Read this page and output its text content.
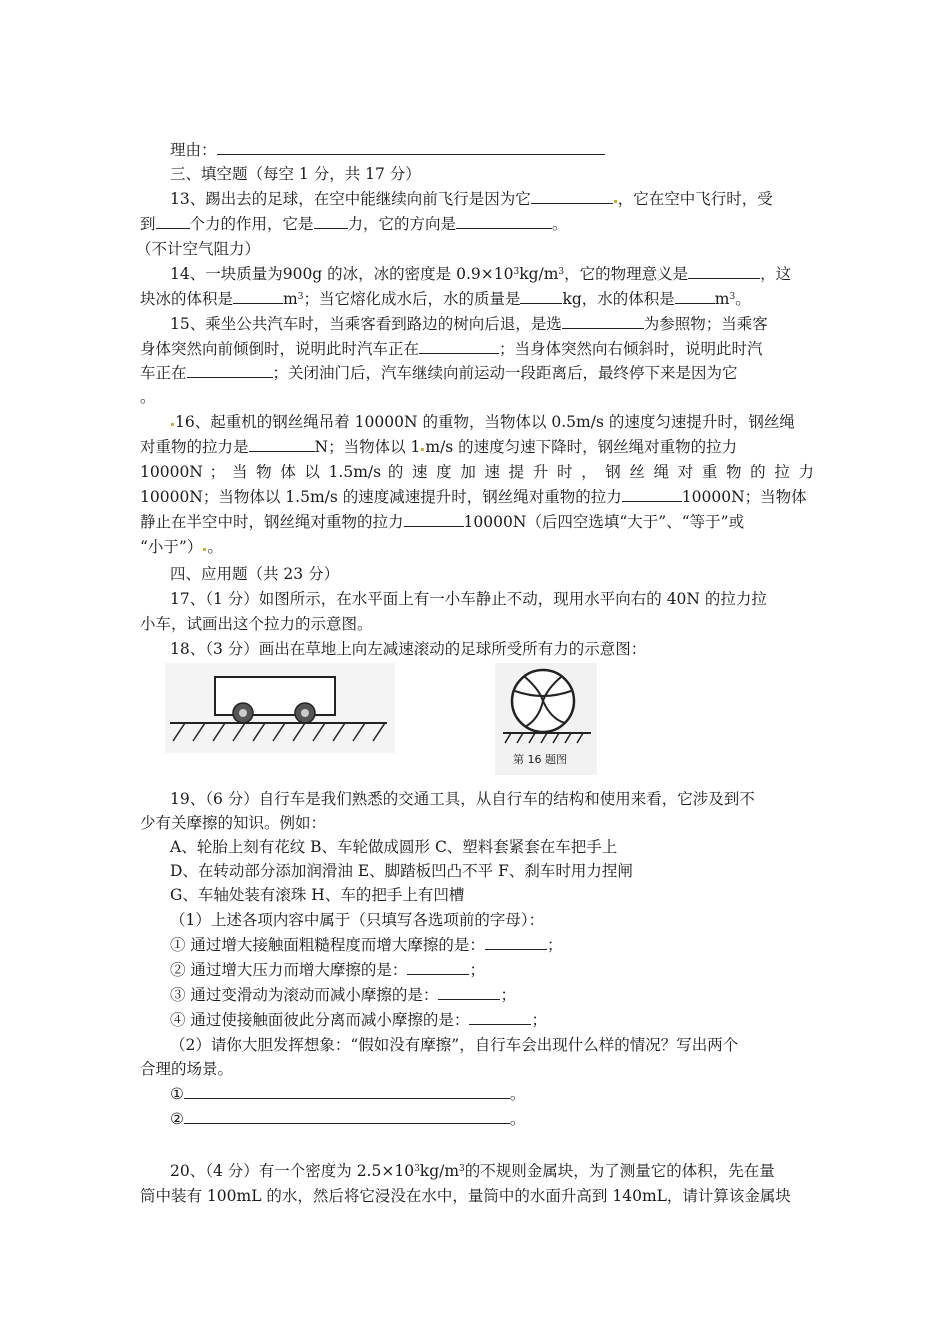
理由：
三、填空题（每空 1 分，共 17 分）
13、踢出去的足球，在空中能继续向前飞行是因为它	，它在空中飞行时，受
到 个力的作用，它是 力，它的方向是	。
（不计空气阻力）
14、一块质量为900g 的冰，冰的密度是 $0.9\times 10^3kg/m^3$，它的物理意义是	，这
块冰的体积是	$m^3$；当它熔化成水后，水的质量是	kg，水的体积是	$m^3$。
15、乘坐公共汽车时，当乘客看到路边的树向后退，是选	为参照物；当乘客
身体突然向前倾倒时，说明此时汽车正在	；当身体突然向右倾斜时，说明此时汽
车正在	；关闭油门后，汽车继续向前运动一段距离后，最终停下来是因为它
。
16、起重机的钢丝绳吊着 10000N 的重物，当物体以 0.5m/s 的速度匀速提升时，钢丝绳
对重物的拉力是	N；当物体以 1 m/s 的速度匀速下降时，钢丝绳对重物的拉力
10000N ； 当 物 体 以 1.5m/s 的 速 度 加 速 提 升 时 ， 钢 丝 绳 对 重 物 的 拉 力
10000N；当物体以 1.5m/s 的速度减速提升时，钢丝绳对重物的拉力	10000N；当物体
静止在半空中时，钢丝绳对重物的拉力	10000N（后四空选填“大于”、“等于”或
“小于”） 。
四、应用题（共 23 分）
17、（1 分）如图所示，在水平面上有一小车静止不动，现用水平向右的 40N 的拉力拉
小车，试画出这个拉力的示意图。
18、（3 分）画出在草地上向左减速滚动的足球所受所有力的示意图：
第 16 题图
19、（6 分）自行车是我们熟悉的交通工具，从自行车的结构和使用来看，它涉及到不
少有关摩擦的知识。例如：
A、轮胎上刻有花纹 B、车轮做成圆形 C、塑料套紧套在车把手上
D、在转动部分添加润滑油 E、脚踏板凹凸不平 F、刹车时用力捏闸
G、车轴处装有滚珠 H、车的把手上有凹槽
（1）上述各项内容中属于（只填写各选项前的字母）：
① 通过增大接触面粗糙程度而增大摩擦的是：	；
② 通过增大压力而增大摩擦的是：	；
③ 通过变滑动为滚动而减小摩擦的是：	；
④ 通过使接触面彼此分离而减小摩擦的是：	；
（2）请你大胆发挥想象：“假如没有摩擦”，自行车会出现什么样的情况？写出两个
合理的场景。
①	。
②	。
20、（4 分）有一个密度为 $2.5\times 10^3kg/m^3$的不规则金属块，为了测量它的体积，先在量
筒中装有 100mL 的水，然后将它浸没在水中，量筒中的水面升高到 140mL，请计算该金属块
